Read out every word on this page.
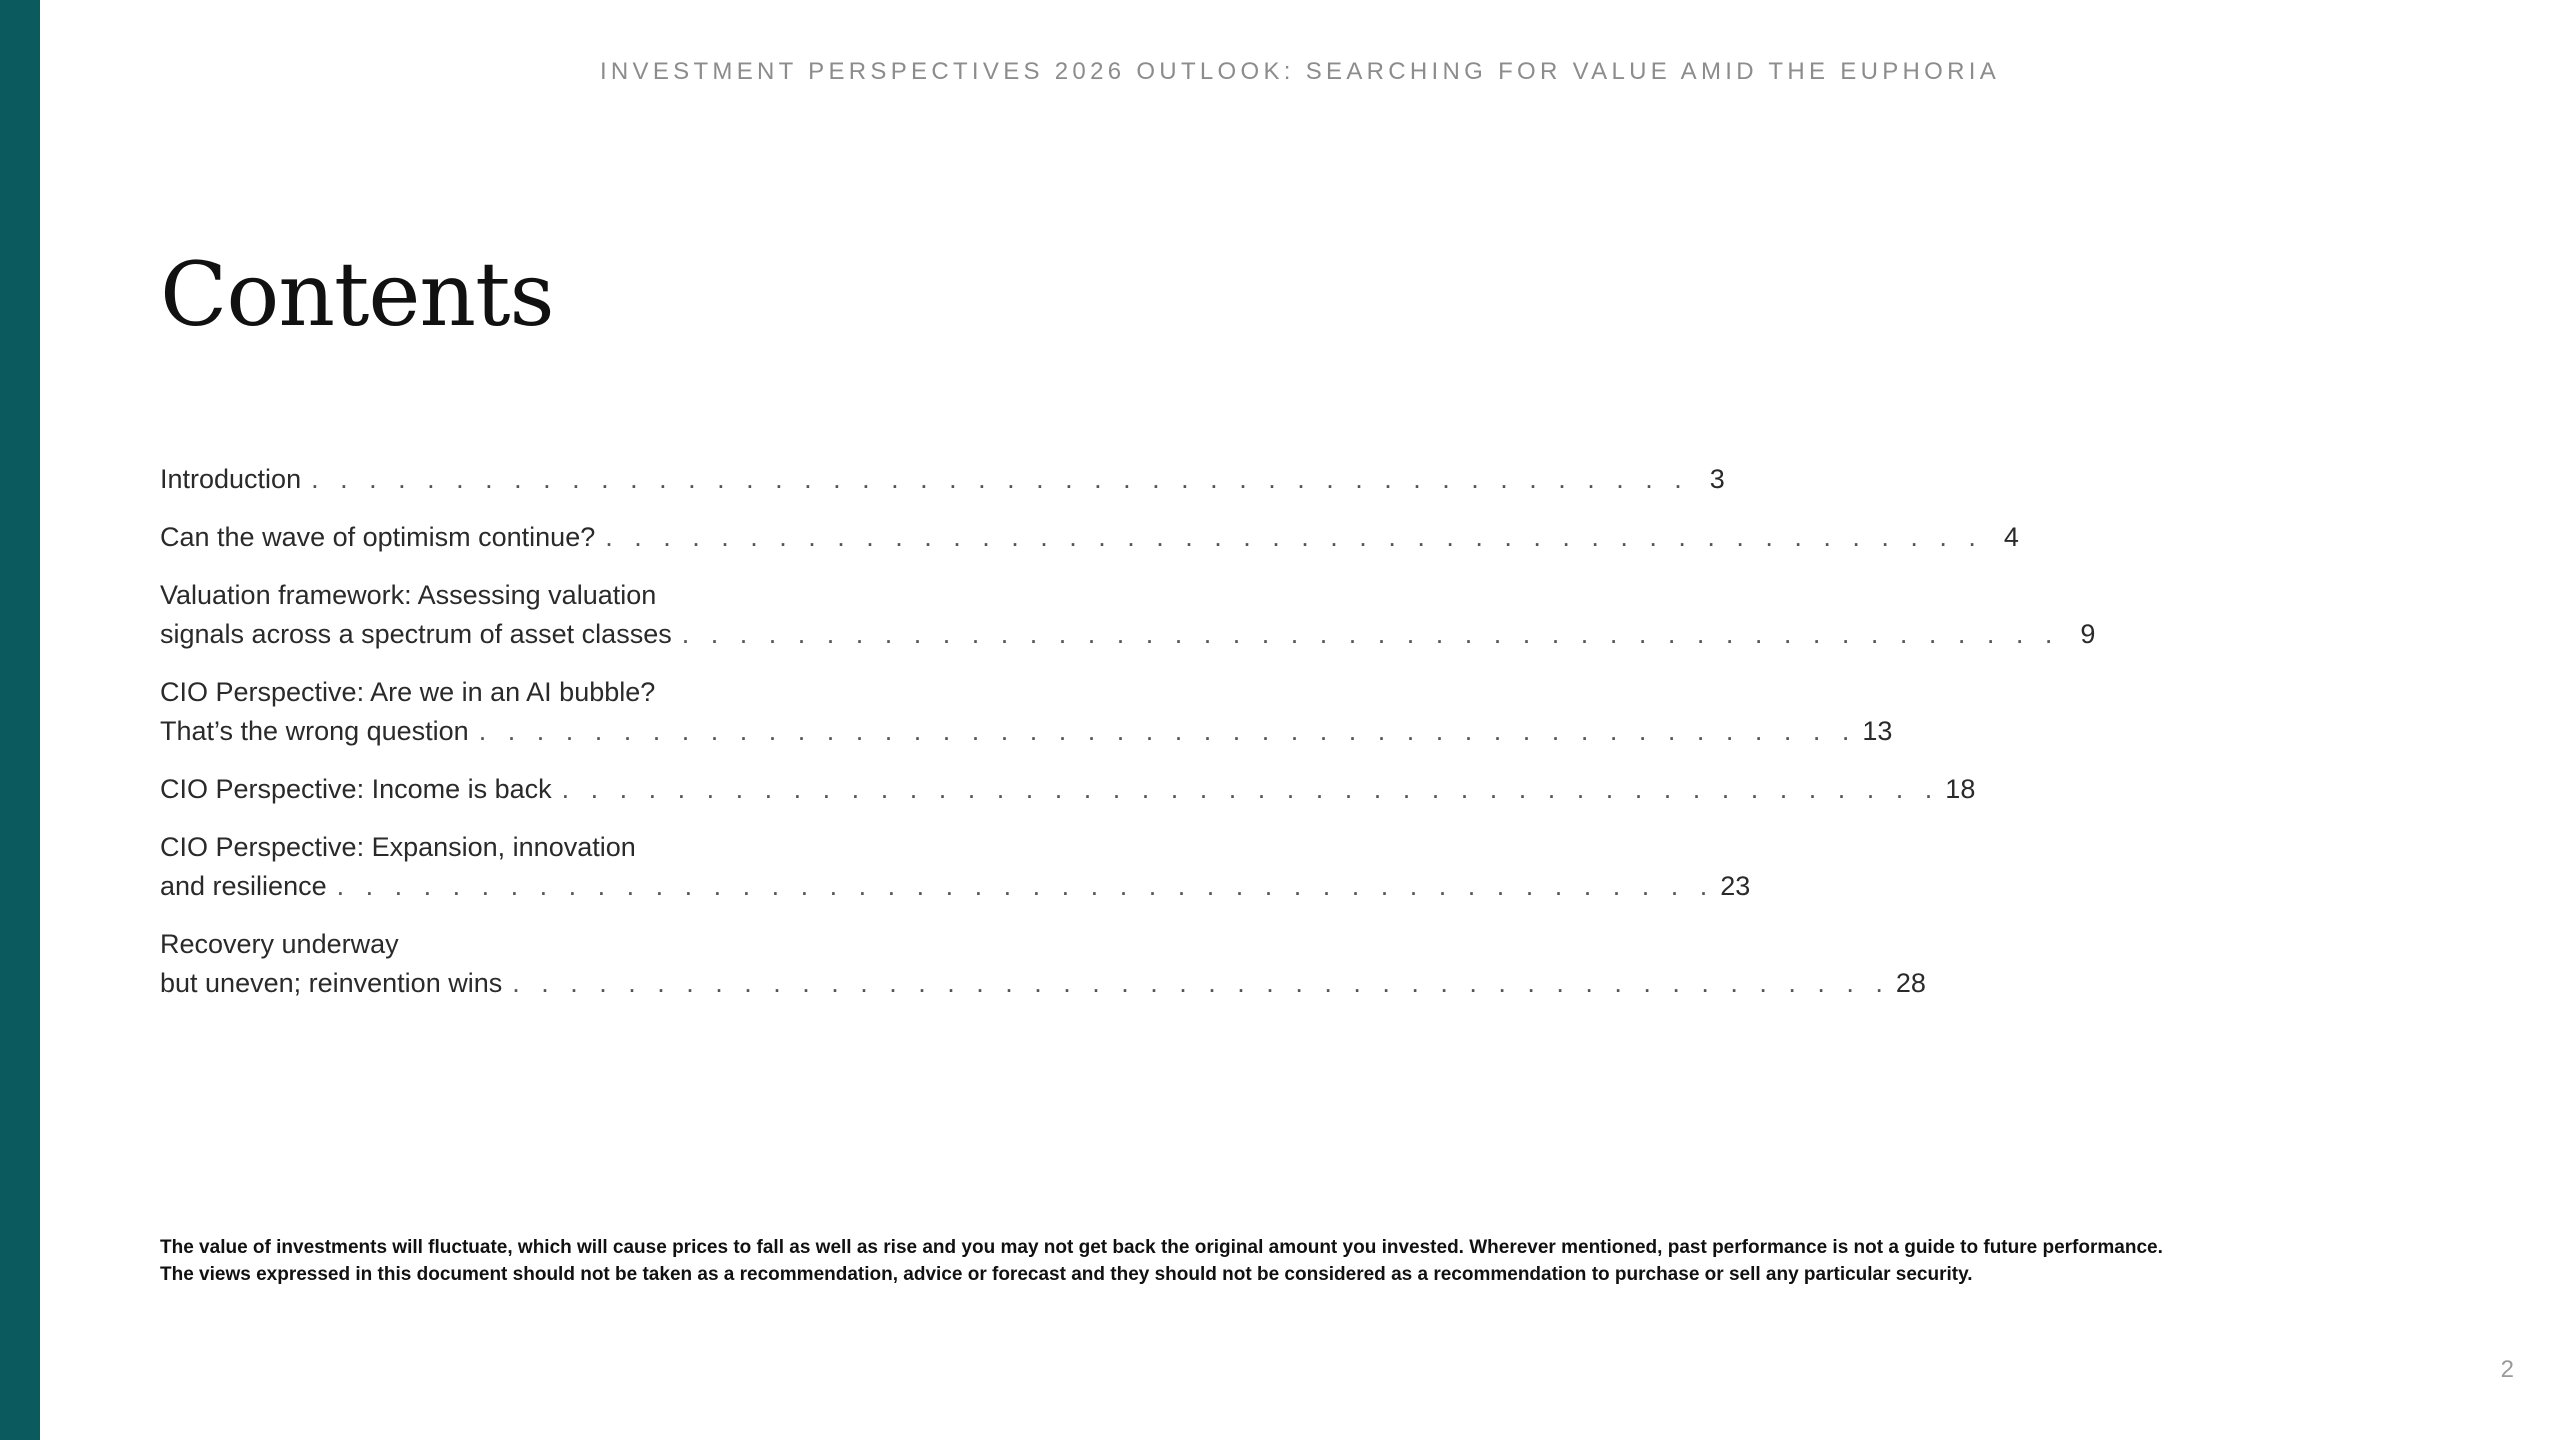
INVESTMENT PERSPECTIVES 2026 OUTLOOK: SEARCHING FOR VALUE AMID THE EUPHORIA
Contents
Introduction . . . . . . . . . . . . . . . . . . . . . . . . . . . . . . . . . . . . . . . . . . . . . . . . 3
Can the wave of optimism continue? . . . . . . . . . . . . . . . . . . . . . . . . . . . . . . . . . . . . . . . . . . . . . . . . 4
Valuation framework: Assessing valuation
signals across a spectrum of asset classes . . . . . . . . . . . . . . . . . . . . . . . . . . . . . . . . . . . . . . . . . . . . . . . . 9
CIO Perspective: Are we in an AI bubble?
That’s the wrong question . . . . . . . . . . . . . . . . . . . . . . . . . . . . . . . . . . . . . . . . . . . . . . . . 13
CIO Perspective: Income is back . . . . . . . . . . . . . . . . . . . . . . . . . . . . . . . . . . . . . . . . . . . . . . . . 18
CIO Perspective: Expansion, innovation
and resilience . . . . . . . . . . . . . . . . . . . . . . . . . . . . . . . . . . . . . . . . . . . . . . . . 23
Recovery underway
but uneven; reinvention wins . . . . . . . . . . . . . . . . . . . . . . . . . . . . . . . . . . . . . . . . . . . . . . . . 28

The value of investments will fluctuate, which will cause prices to fall as well as rise and you may not get back the original amount you invested. Wherever mentioned, past performance is not a guide to future performance.

The views expressed in this document should not be taken as a recommendation, advice or forecast and they should not be considered as a recommendation to purchase or sell any particular security.

2
